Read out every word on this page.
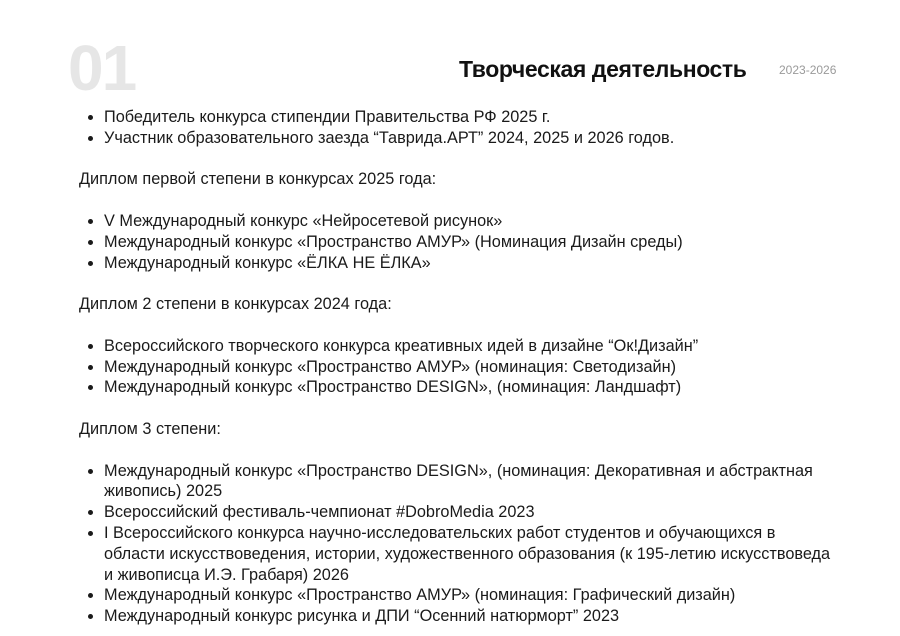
01	Творческая деятельность	2023-2026
• Победитель конкурса стипендии Правительства РФ 2025 г.
• Участник образовательного заезда “Таврида.АРТ” 2024, 2025 и 2026 годов.

Диплом первой степени в конкурсах 2025 года:

• V Международный конкурс «Нейросетевой рисунок»
• Международный конкурс «Пространство АМУР» (Номинация Дизайн среды)
• Международный конкурс «ЁЛКА НЕ ЁЛКА»

Диплом 2 степени в конкурсах 2024 года:

• Всероссийского творческого конкурса креативных идей в дизайне “Ок!Дизайн”
• Международный конкурс «Пространство АМУР» (номинация: Светодизайн)
• Международный конкурс «Пространство DESIGN», (номинация: Ландшафт)

Диплом 3 степени:

• Международный конкурс «Пространство DESIGN», (номинация: Декоративная и абстрактная живопись) 2025
• Всероссийский фестиваль-чемпионат #DobroMedia 2023
• I Всероссийского конкурса научно-исследовательских работ студентов и обучающихся в области искусствоведения, истории, художественного образования (к 195-летию искусствоведа и живописца И.Э. Грабаря) 2026
• Международный конкурс «Пространство АМУР» (номинация: Графический дизайн)
• Международный конкурс рисунка и ДПИ “Осенний натюрморт” 2023
